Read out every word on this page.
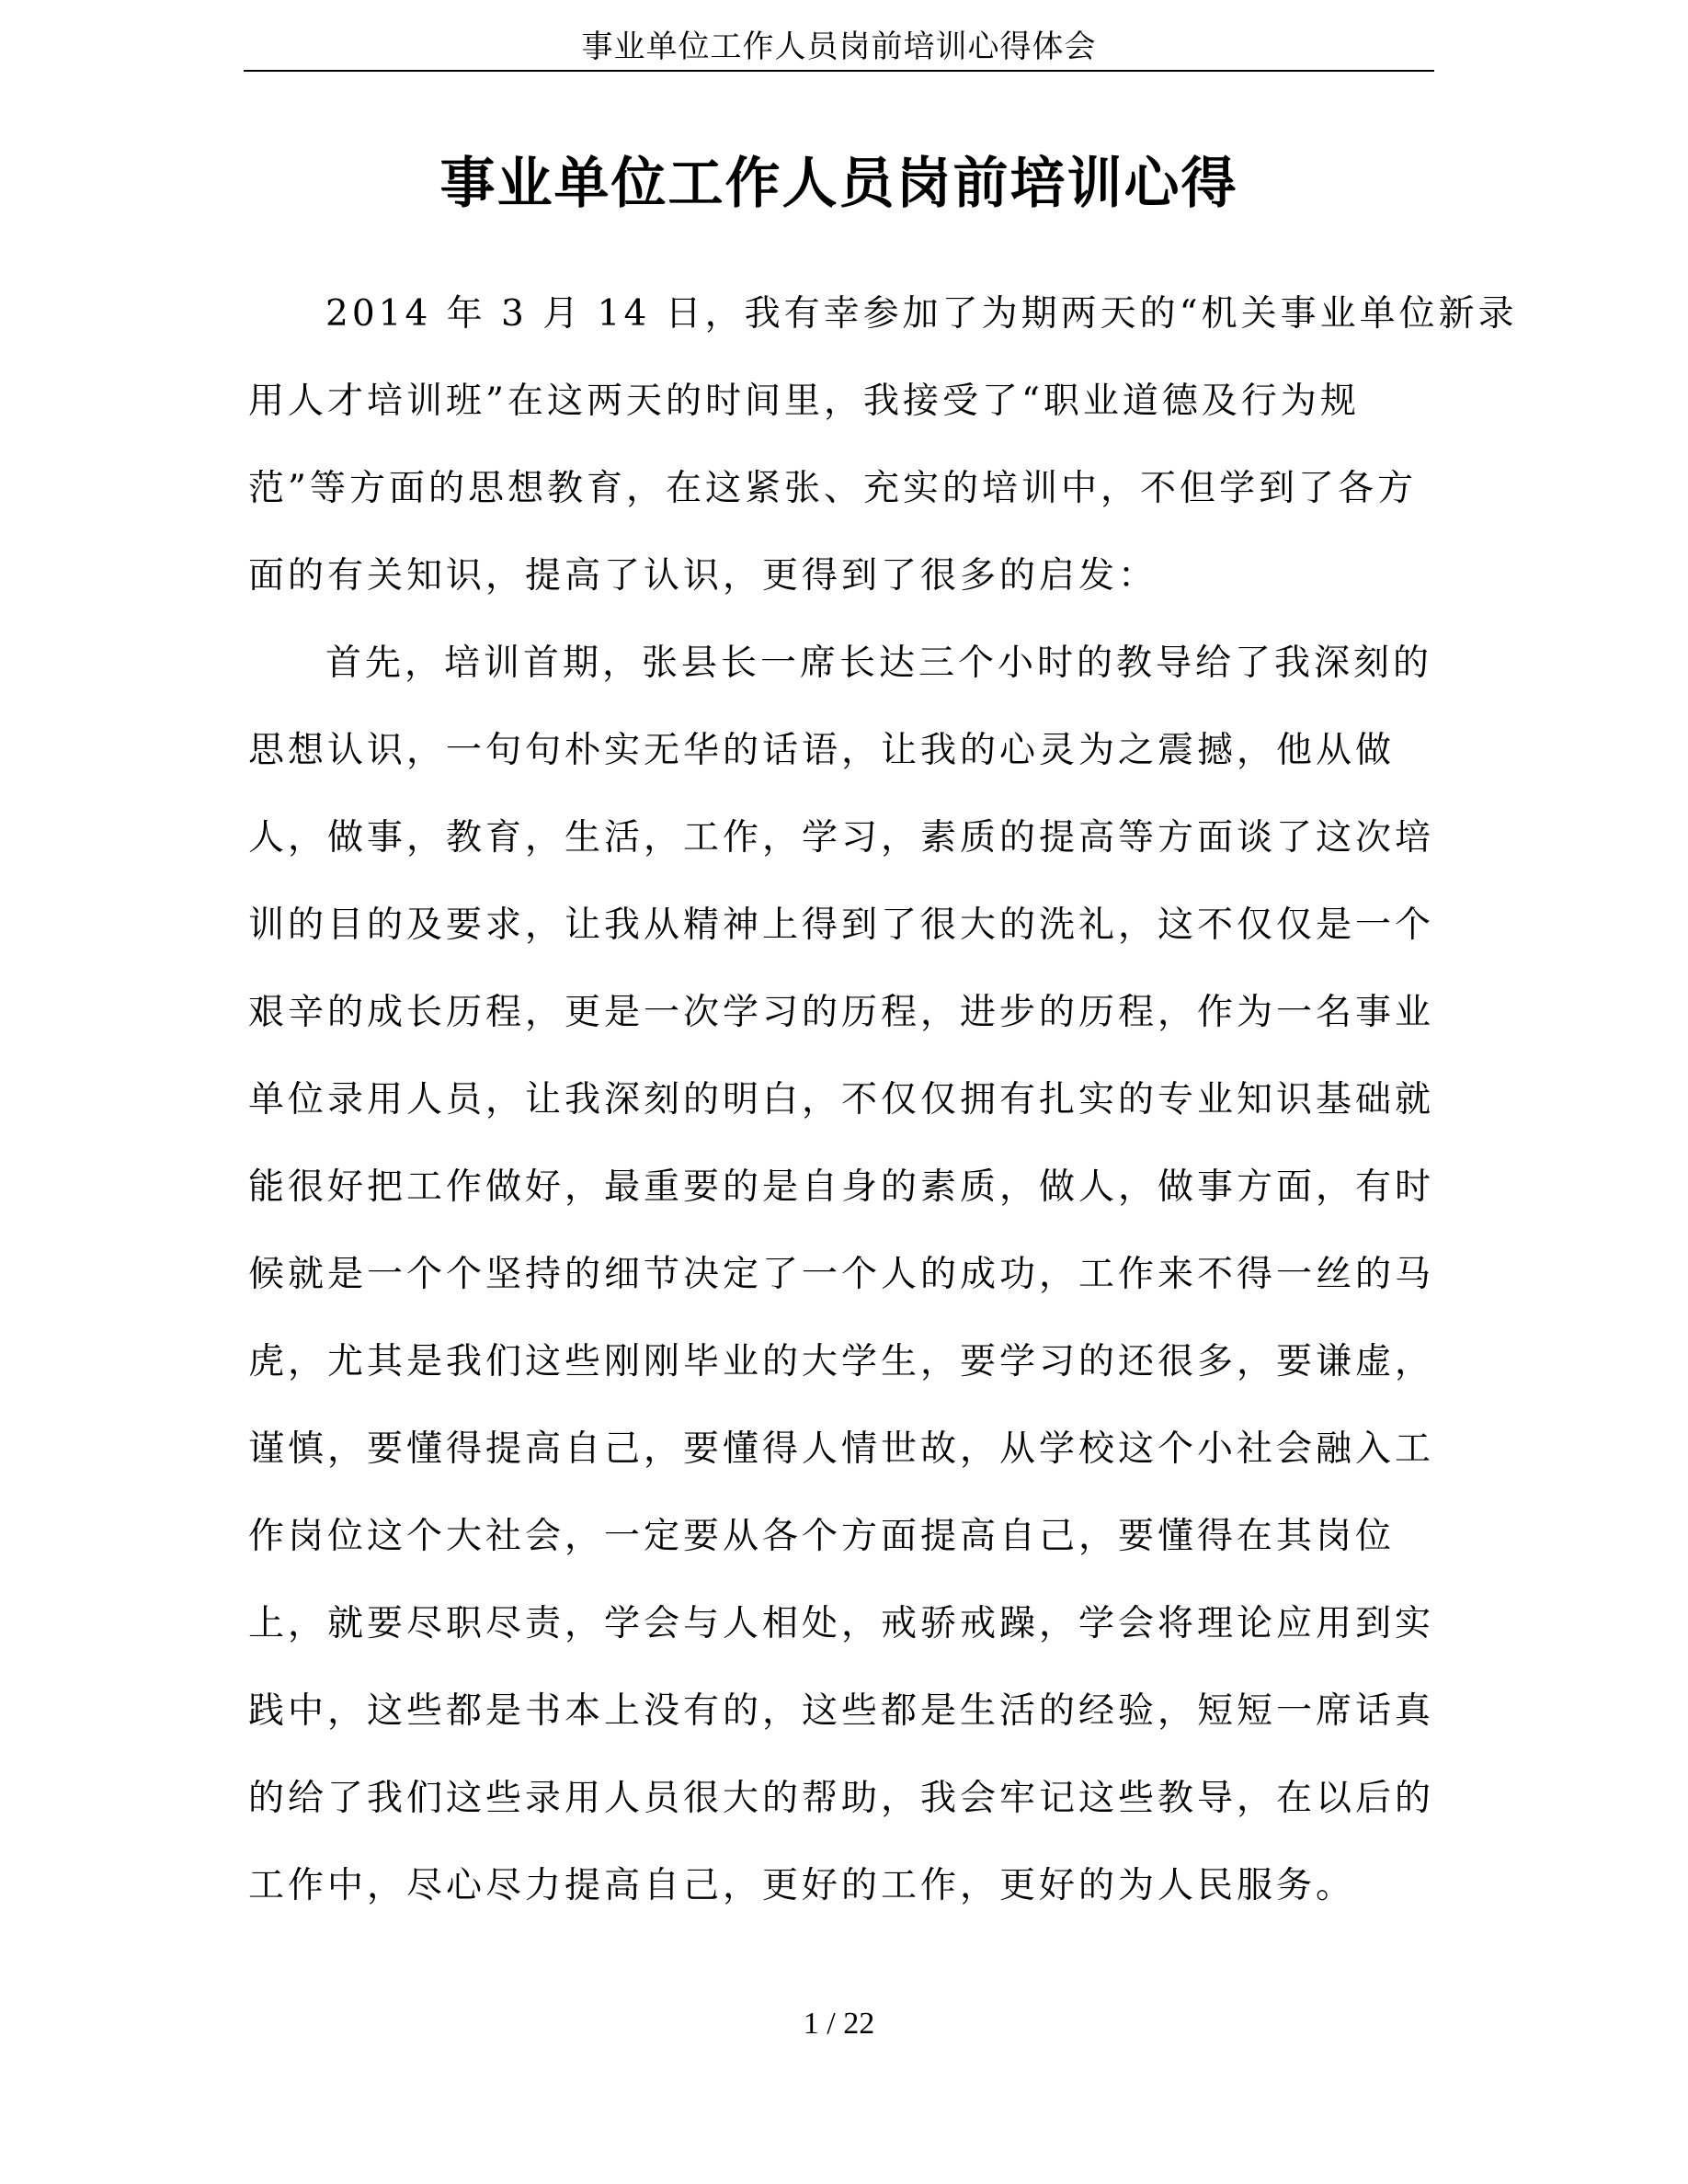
事业单位工作人员岗前培训心得体会
事业单位工作人员岗前培训心得
2014 年 3 月 14 日，我有幸参加了为期两天的“机关事业单位新录
用人才培训班”在这两天的时间里，我接受了“职业道德及行为规
范”等方面的思想教育，在这紧张、充实的培训中，不但学到了各方
面的有关知识，提高了认识，更得到了很多的启发：
首先，培训首期，张县长一席长达三个小时的教导给了我深刻的
思想认识，一句句朴实无华的话语，让我的心灵为之震撼，他从做
人，做事，教育，生活，工作，学习，素质的提高等方面谈了这次培
训的目的及要求，让我从精神上得到了很大的洗礼，这不仅仅是一个
艰辛的成长历程，更是一次学习的历程，进步的历程，作为一名事业
单位录用人员，让我深刻的明白，不仅仅拥有扎实的专业知识基础就
能很好把工作做好，最重要的是自身的素质，做人，做事方面，有时
候就是一个个坚持的细节决定了一个人的成功，工作来不得一丝的马
虎，尤其是我们这些刚刚毕业的大学生，要学习的还很多，要谦虚，
谨慎，要懂得提高自己，要懂得人情世故，从学校这个小社会融入工
作岗位这个大社会，一定要从各个方面提高自己，要懂得在其岗位
上，就要尽职尽责，学会与人相处，戒骄戒躁，学会将理论应用到实
践中，这些都是书本上没有的，这些都是生活的经验，短短一席话真
的给了我们这些录用人员很大的帮助，我会牢记这些教导，在以后的
工作中，尽心尽力提高自己，更好的工作，更好的为人民服务。
1 / 22
